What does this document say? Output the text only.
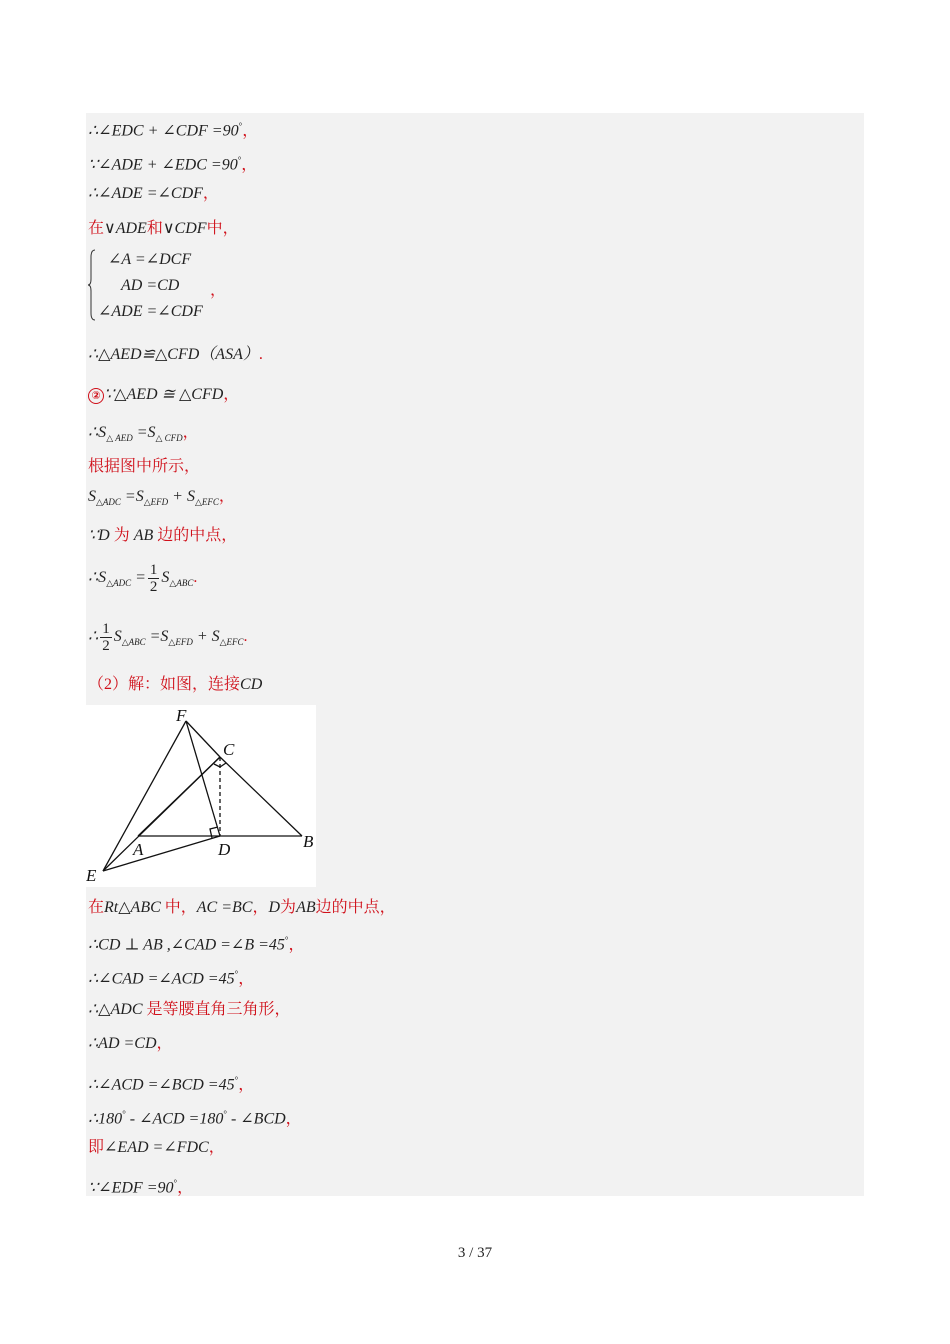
∴∠EDC + ∠CDF =90°，
∵∠ADE + ∠EDC =90°，
∴∠ADE =∠CDF，
在∨ADE和∨CDF中，
∠A =∠DCF
AD =CD
∠ADE =∠CDF
，
∴△AED≌△CFD（ASA）.
② ∵△AED ≅ △CFD，
$\therefore S_{\triangle AED} =S_{\triangle CFD}$，
根据图中所示，
$S_{\triangle ADC} =S_{\triangle EFD} + S_{\triangle EFC}$，
∵D 为 AB 边的中点，
$\therefore S_{\triangle ADC} = \frac{1}{2} S_{\triangle ABC}$.
∴ $\frac{1}{2} S_{\triangle ABC} =S_{\triangle EFD} + S_{\triangle EFC}$.
（2）解：如图，连接CD
F
C
A	D	B
E
在Rt△ABC 中，AC =BC，D为AB边的中点，
∴CD ⊥ AB ,∠CAD =∠B =45°，
∴∠CAD =∠ACD =45°，
∴△ADC 是等腰直角三角形，
∴AD =CD，
∴∠ACD =∠BCD =45°，
∴180° - ∠ACD =180° - ∠BCD，
即∠EAD =∠FDC，
∵∠EDF =90°，
3 / 37
